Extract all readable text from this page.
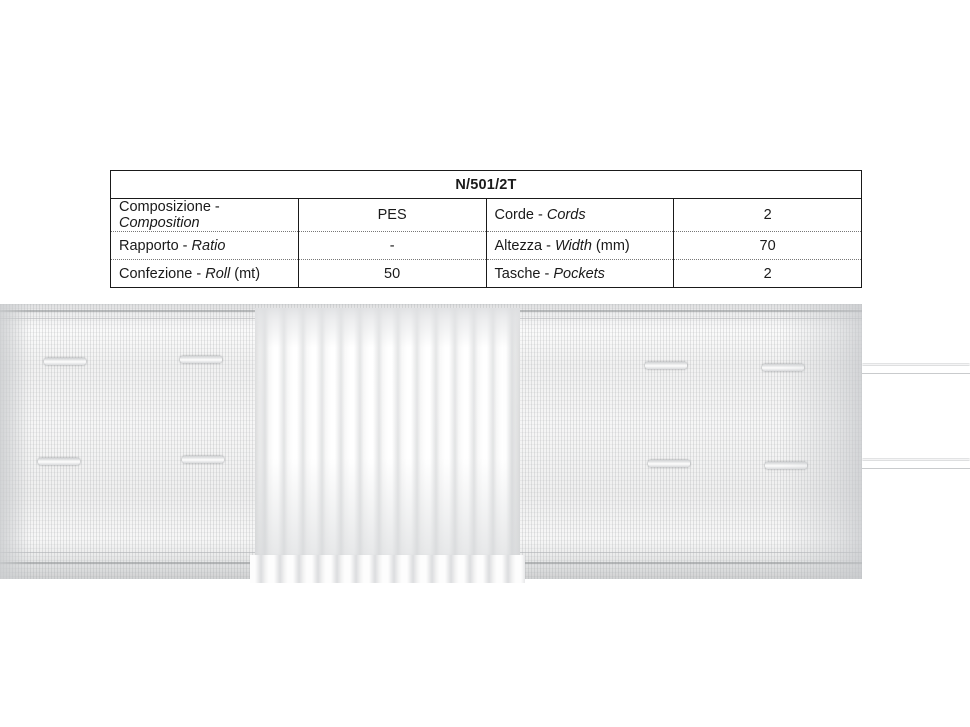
N/501/2T			
Composizione - Composition	PES	Corde - Cords	2
Rapporto - Ratio	-	Altezza - Width (mm)	70
Confezione - Roll (mt)	50	Tasche - Pockets	2
